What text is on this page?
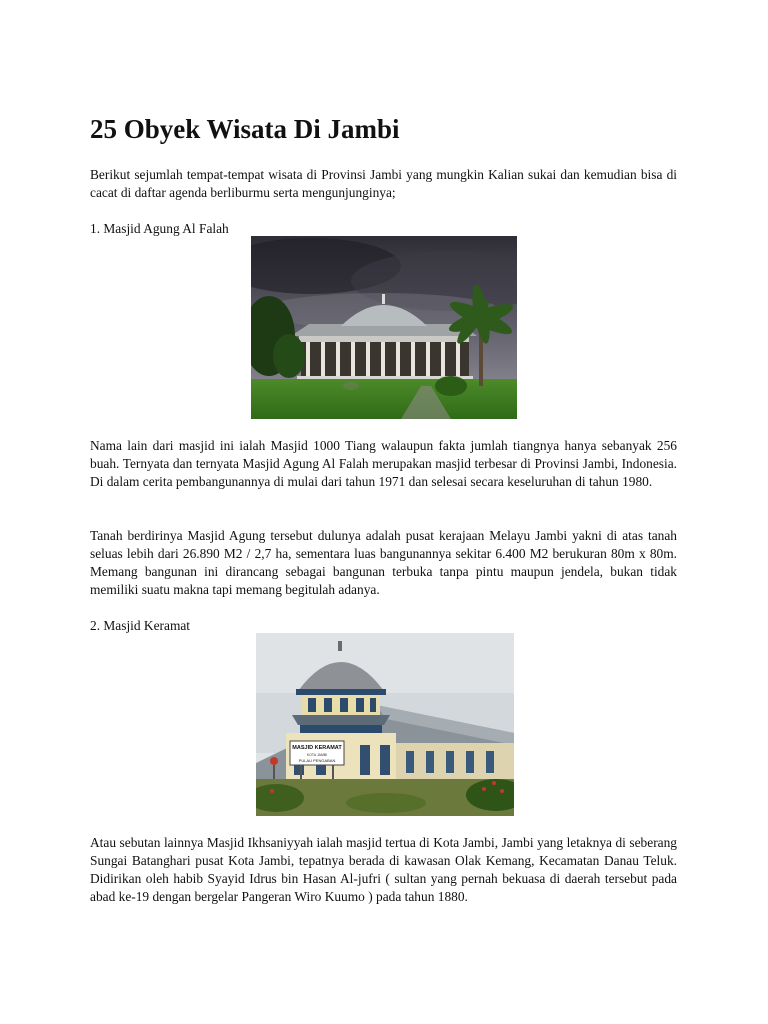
25 Obyek Wisata Di Jambi

Berikut sejumlah tempat-tempat wisata di Provinsi Jambi yang mungkin Kalian sukai dan kemudian bisa di cacat di daftar agenda berliburmu serta mengunjunginya;

1. Masjid Agung Al Falah

Nama lain dari masjid ini ialah Masjid 1000 Tiang walaupun fakta jumlah tiangnya hanya sebanyak 256 buah. Ternyata dan ternyata Masjid Agung Al Falah merupakan masjid terbesar di Provinsi Jambi, Indonesia. Di dalam cerita pembangunannya di mulai dari tahun 1971 dan selesai secara keseluruhan di tahun 1980.

Tanah berdirinya Masjid Agung tersebut dulunya adalah pusat kerajaan Melayu Jambi yakni di atas tanah seluas lebih dari 26.890 M2 / 2,7 ha, sementara luas bangunannya sekitar 6.400 M2 berukuran 80m x 80m. Memang bangunan ini dirancang sebagai bangunan terbuka tanpa pintu maupun jendela, bukan tidak memiliki suatu makna tapi memang begitulah adanya.

2. Masjid Keramat

MASJID KERAMAT
KOTA JAMBI
PULAU PENGABAN

Atau sebutan lainnya Masjid Ikhsaniyyah ialah masjid tertua di Kota Jambi, Jambi yang letaknya di seberang Sungai Batanghari pusat Kota Jambi, tepatnya berada di kawasan Olak Kemang, Kecamatan Danau Teluk. Didirikan oleh habib Syayid Idrus bin Hasan Al-jufri ( sultan yang pernah bekuasa di daerah tersebut pada abad ke-19 dengan bergelar Pangeran Wiro Kuumo ) pada tahun 1880.
